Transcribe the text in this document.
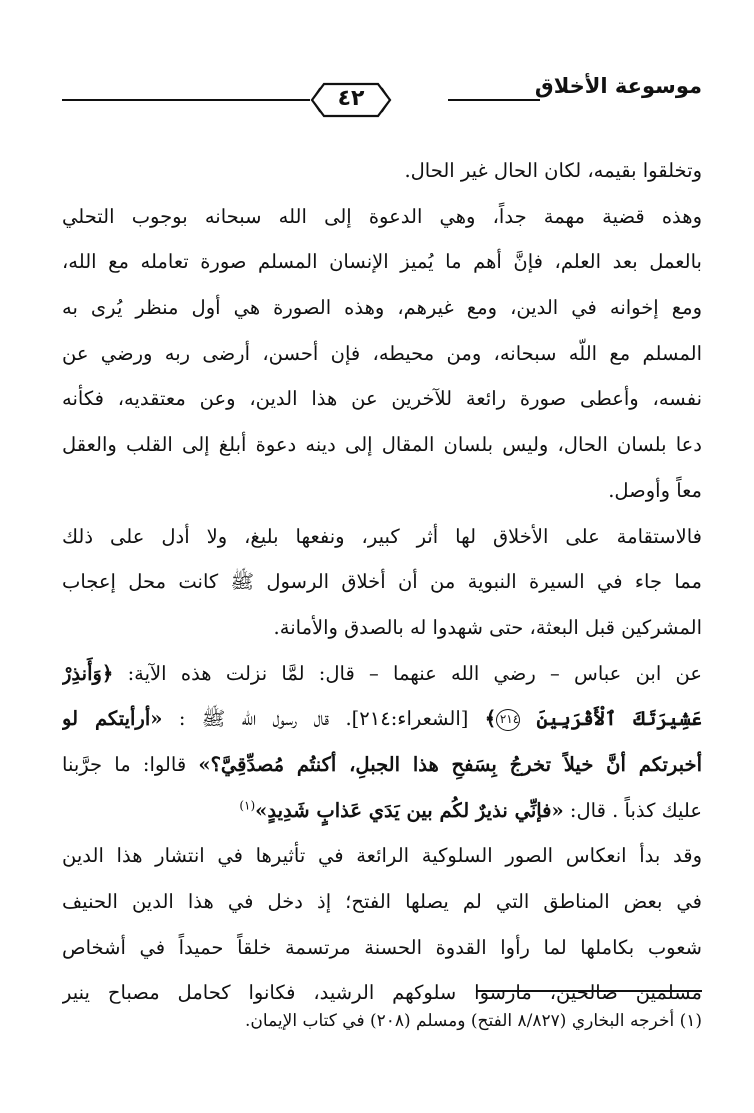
موسوعة الأخلاق
٤٢
وتخلقوا بقيمه، لكان الحال غير الحال.
وهذه قضية مهمة جداً، وهي الدعوة إلى الله سبحانه بوجوب التحلي
بالعمل بعد العلم، فإنَّ أهم ما يُميز الإنسان المسلم صورة تعامله مع الله،
ومع إخوانه في الدين، ومع غيرهم، وهذه الصورة هي أول منظر يُرى به
المسلم مع اللّه سبحانه، ومن محيطه، فإن أحسن، أرضى ربه ورضي عن
نفسه، وأعطى صورة رائعة للآخرين عن هذا الدين، وعن معتقديه، فكأنه
دعا بلسان الحال، وليس بلسان المقال إلى دينه دعوة أبلغ إلى القلب والعقل
معاً وأوصل.
فالاستقامة على الأخلاق لها أثر كبير، ونفعها بليغ، ولا أدل على ذلك
مما جاء في السيرة النبوية من أن أخلاق الرسول ﷺ كانت محل إعجاب
المشركين قبل البعثة، حتى شهدوا له بالصدق والأمانة.
عن ابن عباس – رضي الله عنهما – قال: لمَّا نزلت هذه الآية: ﴿وَأَنذِرْ
عَشِيرَتَكَ ٱلْأَقْرَبِينَ ٢١٤﴾ [الشعراء:٢١٤]. قال رسول الله ﷺ : «أرأيتكم لو
أخبرتكم أنَّ خيلاً تخرجُ بِسَفحِ هذا الجبلِ، أكنتُم مُصدِّقِيَّ؟» قالوا: ما جرَّبنا
عليك كذباً . قال: «فإنِّي نذيرٌ لكُم بين يَدَي عَذابٍ شَدِيدٍ»$^{(١)}$
وقد بدأ انعكاس الصور السلوكية الرائعة في تأثيرها في انتشار هذا الدين
في بعض المناطق التي لم يصلها الفتح؛ إذ دخل في هذا الدين الحنيف
شعوب بكاملها لما رأوا القدوة الحسنة مرتسمة خلقاً حميداً في أشخاص
مسلمين صالحين، مارسوا سلوكهم الرشيد، فكانوا كحامل مصباح ينير
(١) أخرجه البخاري (٨/٨٢٧ الفتح) ومسلم (٢٠٨) في كتاب الإيمان.
